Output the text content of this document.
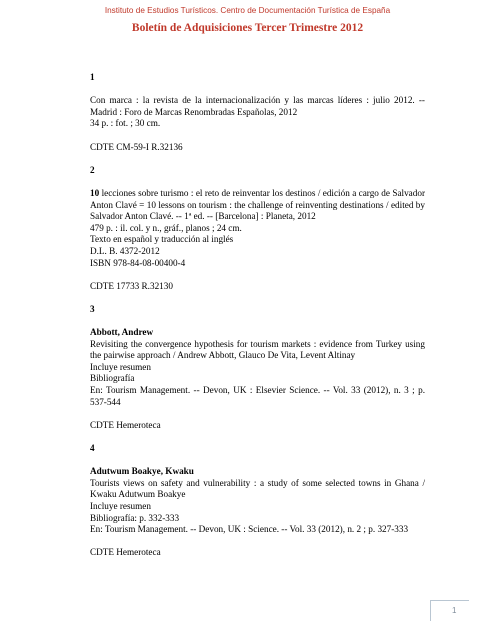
Instituto de Estudios Turísticos. Centro de Documentación Turística de España
Boletín de Adquisiciones Tercer Trimestre 2012
1
Con marca : la revista de la internacionalización y las marcas líderes : julio 2012. -- Madrid : Foro de Marcas Renombradas Españolas, 2012
34 p. : fot. ; 30 cm.
CDTE CM-59-I R.32136
2
10 lecciones sobre turismo : el reto de reinventar los destinos / edición a cargo de Salvador Anton Clavé = 10 lessons on tourism : the challenge of reinventing destinations / edited by Salvador Anton Clavé. -- 1ª ed. -- [Barcelona] : Planeta, 2012
479 p. : il. col. y n., gráf., planos ; 24 cm.
Texto en español y traducción al inglés
D.L. B. 4372-2012
ISBN 978-84-08-00400-4
CDTE 17733 R.32130
3
Abbott, Andrew
Revisiting the convergence hypothesis for tourism markets : evidence from Turkey using the pairwise approach / Andrew Abbott, Glauco De Vita, Levent Altinay
Incluye resumen
Bibliografía
En: Tourism Management. -- Devon, UK : Elsevier Science. -- Vol. 33 (2012), n. 3 ; p. 537-544
CDTE Hemeroteca
4
Adutwum Boakye, Kwaku
Tourists views on safety and vulnerability : a study of some selected towns in Ghana / Kwaku Adutwum Boakye
Incluye resumen
Bibliografía: p. 332-333
En: Tourism Management. -- Devon, UK : Science. -- Vol. 33 (2012), n. 2 ; p. 327-333
CDTE Hemeroteca
1
